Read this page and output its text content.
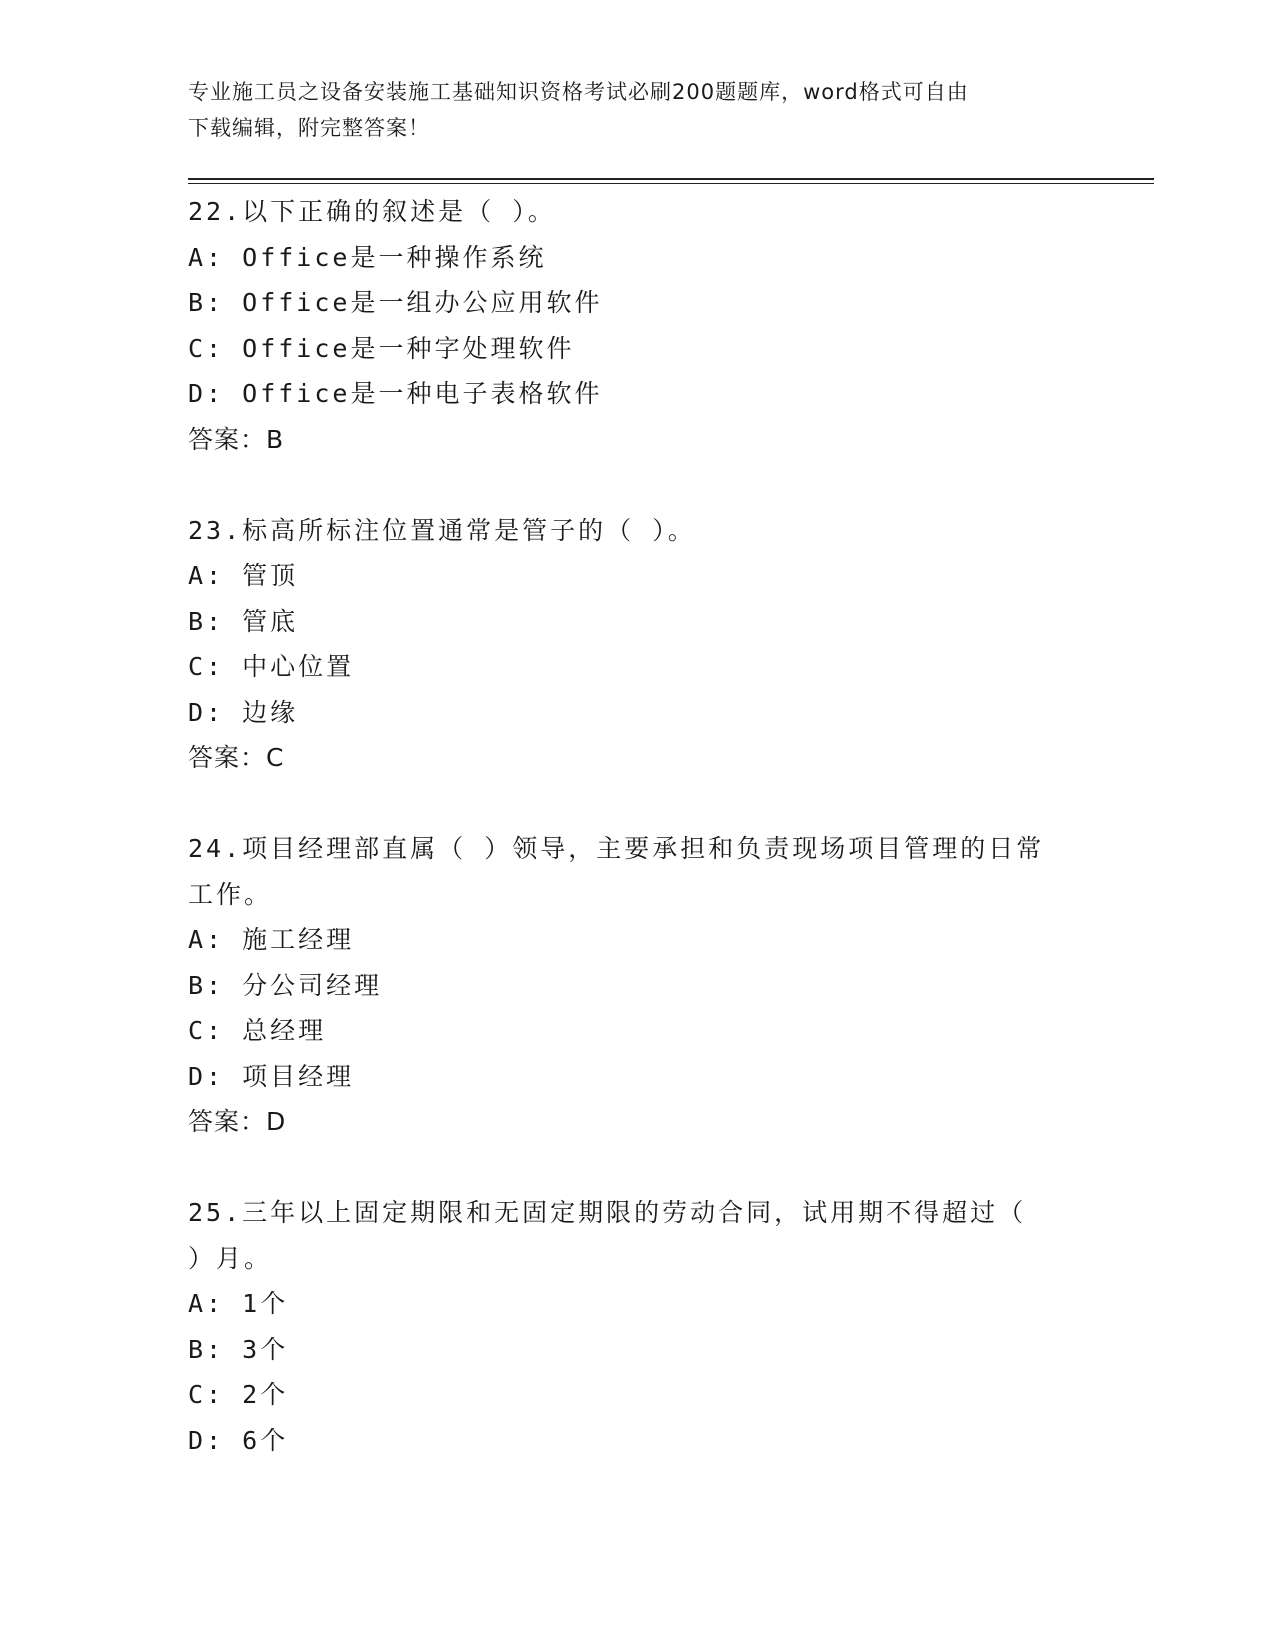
专业施工员之设备安装施工基础知识资格考试必刷200题题库，word格式可自由
下载编辑，附完整答案！
22.以下正确的叙述是（ ）。
A: Office是一种操作系统
B: Office是一组办公应用软件
C: Office是一种字处理软件
D: Office是一种电子表格软件
答案：B
23.标高所标注位置通常是管子的（ ）。
A: 管顶
B: 管底
C: 中心位置
D: 边缘
答案：C
24.项目经理部直属（ ）领导，主要承担和负责现场项目管理的日常
工作。
A: 施工经理
B: 分公司经理
C: 总经理
D: 项目经理
答案：D
25.三年以上固定期限和无固定期限的劳动合同，试用期不得超过（
）月。
A: 1个
B: 3个
C: 2个
D: 6个
